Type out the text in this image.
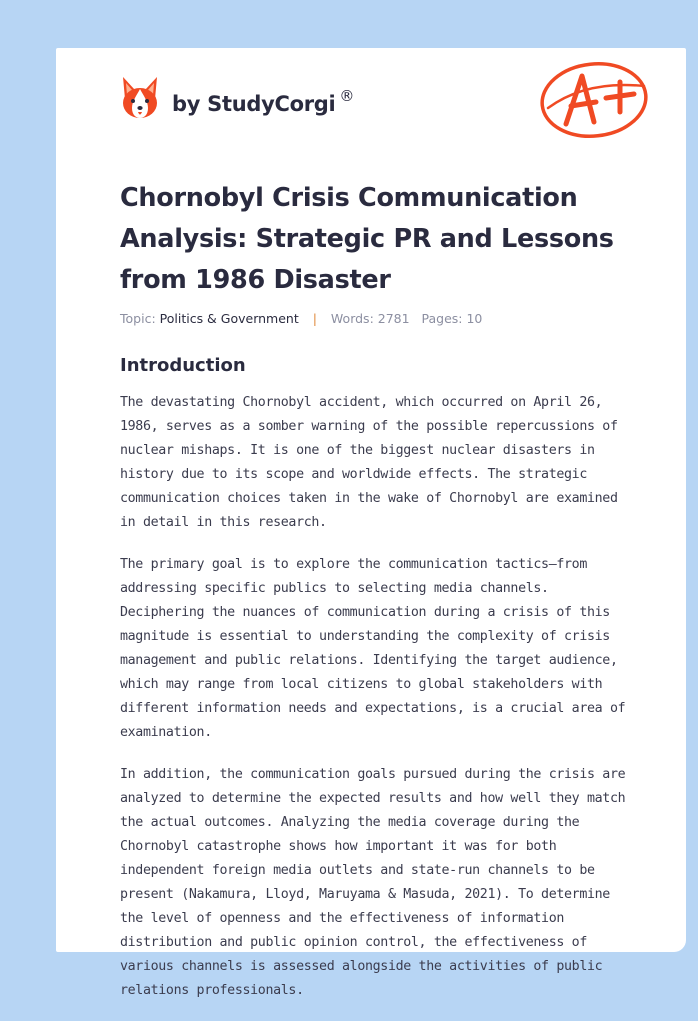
by StudyCorgi ®
Chornobyl Crisis Communication Analysis: Strategic PR and Lessons from 1986 Disaster
Topic: Politics & Government | Words: 2781 Pages: 10
Introduction

The devastating Chornobyl accident, which occurred on April 26, 1986, serves as a somber warning of the possible repercussions of nuclear mishaps. It is one of the biggest nuclear disasters in history due to its scope and worldwide effects. The strategic communication choices taken in the wake of Chornobyl are examined in detail in this research.

The primary goal is to explore the communication tactics—from addressing specific publics to selecting media channels. Deciphering the nuances of communication during a crisis of this magnitude is essential to understanding the complexity of crisis management and public relations. Identifying the target audience, which may range from local citizens to global stakeholders with different information needs and expectations, is a crucial area of examination.

In addition, the communication goals pursued during the crisis are analyzed to determine the expected results and how well they match the actual outcomes. Analyzing the media coverage during the Chornobyl catastrophe shows how important it was for both independent foreign media outlets and state-run channels to be present (Nakamura, Lloyd, Maruyama & Masuda, 2021). To determine the level of openness and the effectiveness of information distribution and public opinion control, the effectiveness of various channels is assessed alongside the activities of public relations professionals.
